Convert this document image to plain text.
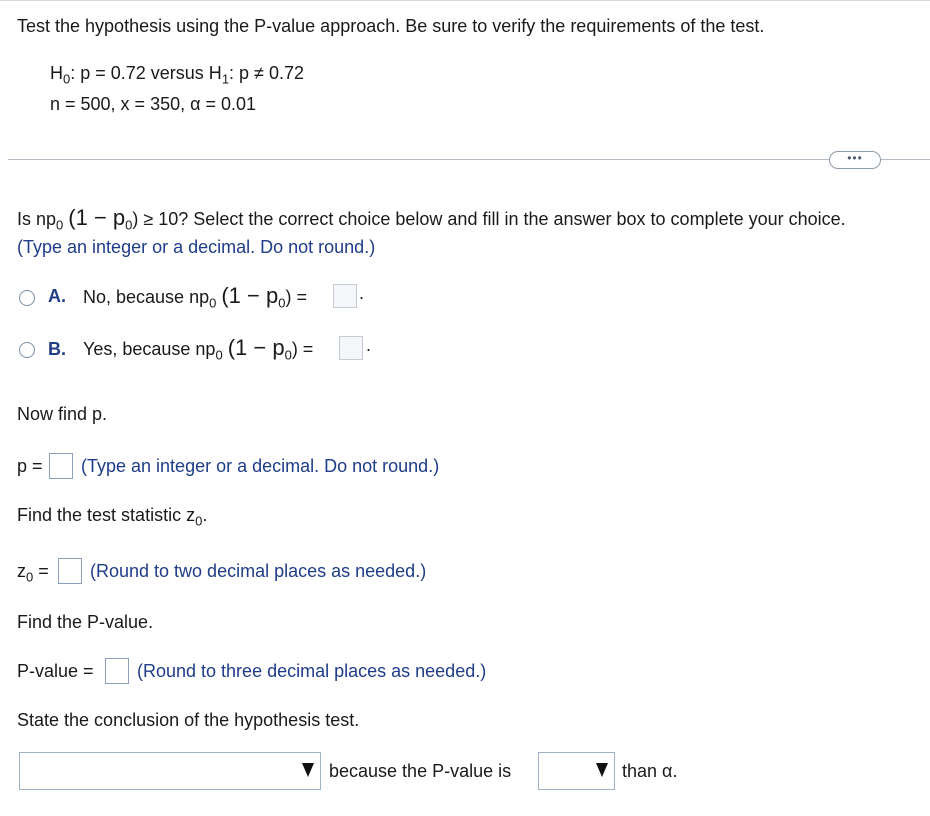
Test the hypothesis using the P-value approach. Be sure to verify the requirements of the test.
$H_0$: p = 0.72 versus $H_1$: p ≠ 0.72
n = 500, x = 350, α = 0.01
•••
Is $np_0$ $(1 - p_0) \ge 10$? Select the correct choice below and fill in the answer box to complete your choice.
(Type an integer or a decimal. Do not round.)
A. No, because $np_0$ $(1 - p_0)$ =	.
B. Yes, because $np_0$ $(1 - p_0)$ =	.
Now find p.
p = (Type an integer or a decimal. Do not round.)
Find the test statistic $z_0$.
$z_0$ = (Round to two decimal places as needed.)
Find the P-value.
P-value = (Round to three decimal places as needed.)
State the conclusion of the hypothesis test.
because the P-value is	than α.
